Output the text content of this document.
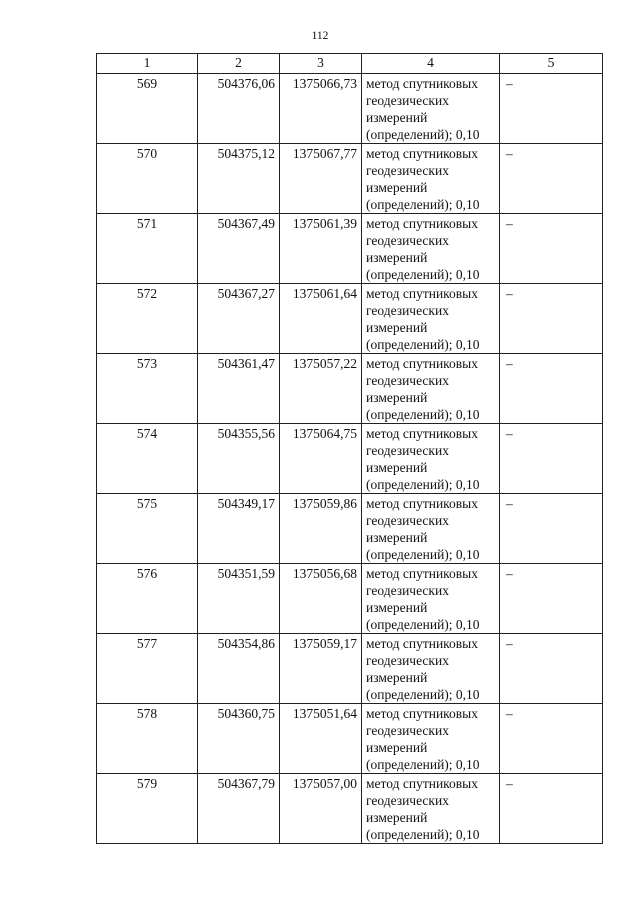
112
1	2	3	4	5
569	504376,06	1375066,73	метод спутниковых
геодезических
измерений
(определений); 0,10	–
570	504375,12	1375067,77	метод спутниковых
геодезических
измерений
(определений); 0,10	–
571	504367,49	1375061,39	метод спутниковых
геодезических
измерений
(определений); 0,10	–
572	504367,27	1375061,64	метод спутниковых
геодезических
измерений
(определений); 0,10	–
573	504361,47	1375057,22	метод спутниковых
геодезических
измерений
(определений); 0,10	–
574	504355,56	1375064,75	метод спутниковых
геодезических
измерений
(определений); 0,10	–
575	504349,17	1375059,86	метод спутниковых
геодезических
измерений
(определений); 0,10	–
576	504351,59	1375056,68	метод спутниковых
геодезических
измерений
(определений); 0,10	–
577	504354,86	1375059,17	метод спутниковых
геодезических
измерений
(определений); 0,10	–
578	504360,75	1375051,64	метод спутниковых
геодезических
измерений
(определений); 0,10	–
579	504367,79	1375057,00	метод спутниковых
геодезических
измерений
(определений); 0,10	–
